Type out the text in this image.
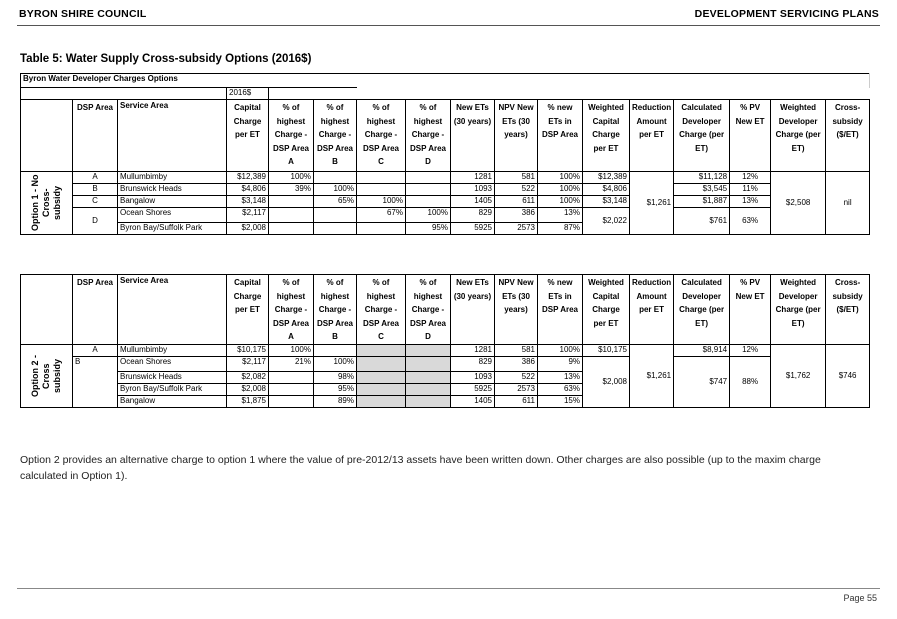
BYRON SHIRE COUNCIL	DEVELOPMENT SERVICING PLANS
Table 5: Water Supply Cross-subsidy Options (2016$)
Byron Water Developer Charges Options																
			2016$													
	DSP Area	Service Area	Capital Charge per ET	% of highest Charge - DSP Area A	% of highest Charge - DSP Area B	% of highest Charge - DSP Area C	% of highest Charge - DSP Area D	New ETs (30 years)	NPV New ETs (30 years)	% new ETs in DSP Area	Weighted Capital Charge per ET	Reduction Amount per ET	Calculated Developer Charge (per ET)	% PV New ET	Weighted Developer Charge (per ET)	Cross-subsidy ($/ET)

Option 1 - No Cross-subsidy	A	Mullumbimby	$12,389	100%				1281	581	100%	$12,389	$1,261	$11,128	12%	$2,508	nil
	B	Brunswick Heads	$4,806	39%	100%			1093	522	100%	$4,806		$3,545	11%		
	C	Bangalow	$3,148		65%	100%		1405	611	100%	$3,148		$1,887	13%		
	D	Ocean Shores	$2,117			67%	100%	829	386	13%	$2,022		$761	63%		
		Byron Bay/Suffolk Park	$2,008				95%	5925	2573	87%						
	DSP Area	Service Area	Capital Charge per ET	% of highest Charge - DSP Area A	% of highest Charge - DSP Area B	% of highest Charge - DSP Area C	% of highest Charge - DSP Area D	New ETs (30 years)	NPV New ETs (30 years)	% new ETs in DSP Area	Weighted Capital Charge per ET	Reduction Amount per ET	Calculated Developer Charge (per ET)	% PV New ET	Weighted Developer Charge (per ET)	Cross-subsidy ($/ET)

Option 2 - Cross subsidy	A	Mullumbimby	$10,175	100%				1281	581	100%	$10,175	$1,261	$8,914	12%	$1,762	$746
	B	Ocean Shores	$2,117	21%	100%			829	386	9%	$2,008		$747	88%		
		Brunswick Heads	$2,082		98%			1093	522	13%						
		Byron Bay/Suffolk Park	$2,008		95%			5925	2573	63%						
		Bangalow	$1,875		89%			1405	611	15%						
Option 2 provides an alternative charge to option 1 where the value of pre-2012/13 assets have been written down. Other charges are also possible (up to the maxim charge calculated in Option 1).
Page 55
